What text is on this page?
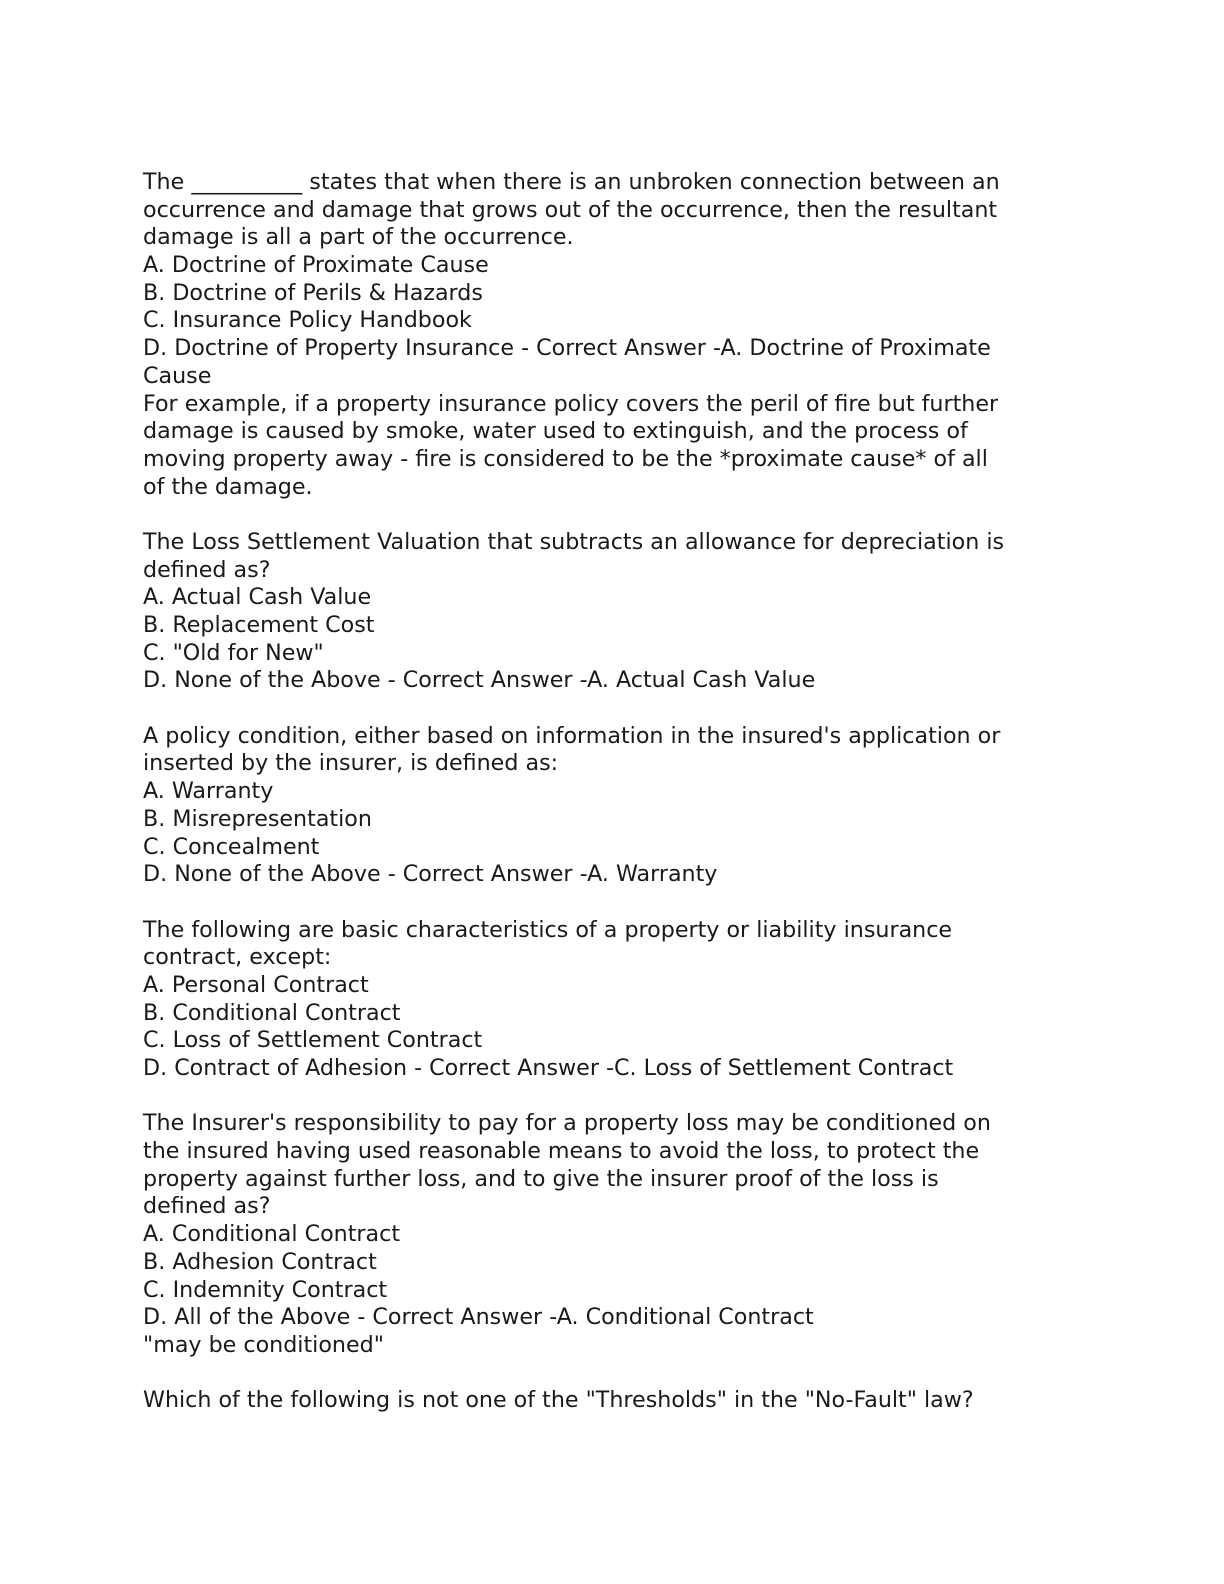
The __________ states that when there is an unbroken connection between an
occurrence and damage that grows out of the occurrence, then the resultant
damage is all a part of the occurrence.
A. Doctrine of Proximate Cause
B. Doctrine of Perils & Hazards
C. Insurance Policy Handbook
D. Doctrine of Property Insurance - Correct Answer -A. Doctrine of Proximate
Cause
For example, if a property insurance policy covers the peril of fire but further
damage is caused by smoke, water used to extinguish, and the process of
moving property away - fire is considered to be the *proximate cause* of all
of the damage.
The Loss Settlement Valuation that subtracts an allowance for depreciation is
defined as?
A. Actual Cash Value
B. Replacement Cost
C. "Old for New"
D. None of the Above - Correct Answer -A. Actual Cash Value
A policy condition, either based on information in the insured's application or
inserted by the insurer, is defined as:
A. Warranty
B. Misrepresentation
C. Concealment
D. None of the Above - Correct Answer -A. Warranty
The following are basic characteristics of a property or liability insurance
contract, except:
A. Personal Contract
B. Conditional Contract
C. Loss of Settlement Contract
D. Contract of Adhesion - Correct Answer -C. Loss of Settlement Contract
The Insurer's responsibility to pay for a property loss may be conditioned on
the insured having used reasonable means to avoid the loss, to protect the
property against further loss, and to give the insurer proof of the loss is
defined as?
A. Conditional Contract
B. Adhesion Contract
C. Indemnity Contract
D. All of the Above - Correct Answer -A. Conditional Contract
"may be conditioned"
Which of the following is not one of the "Thresholds" in the "No-Fault" law?
